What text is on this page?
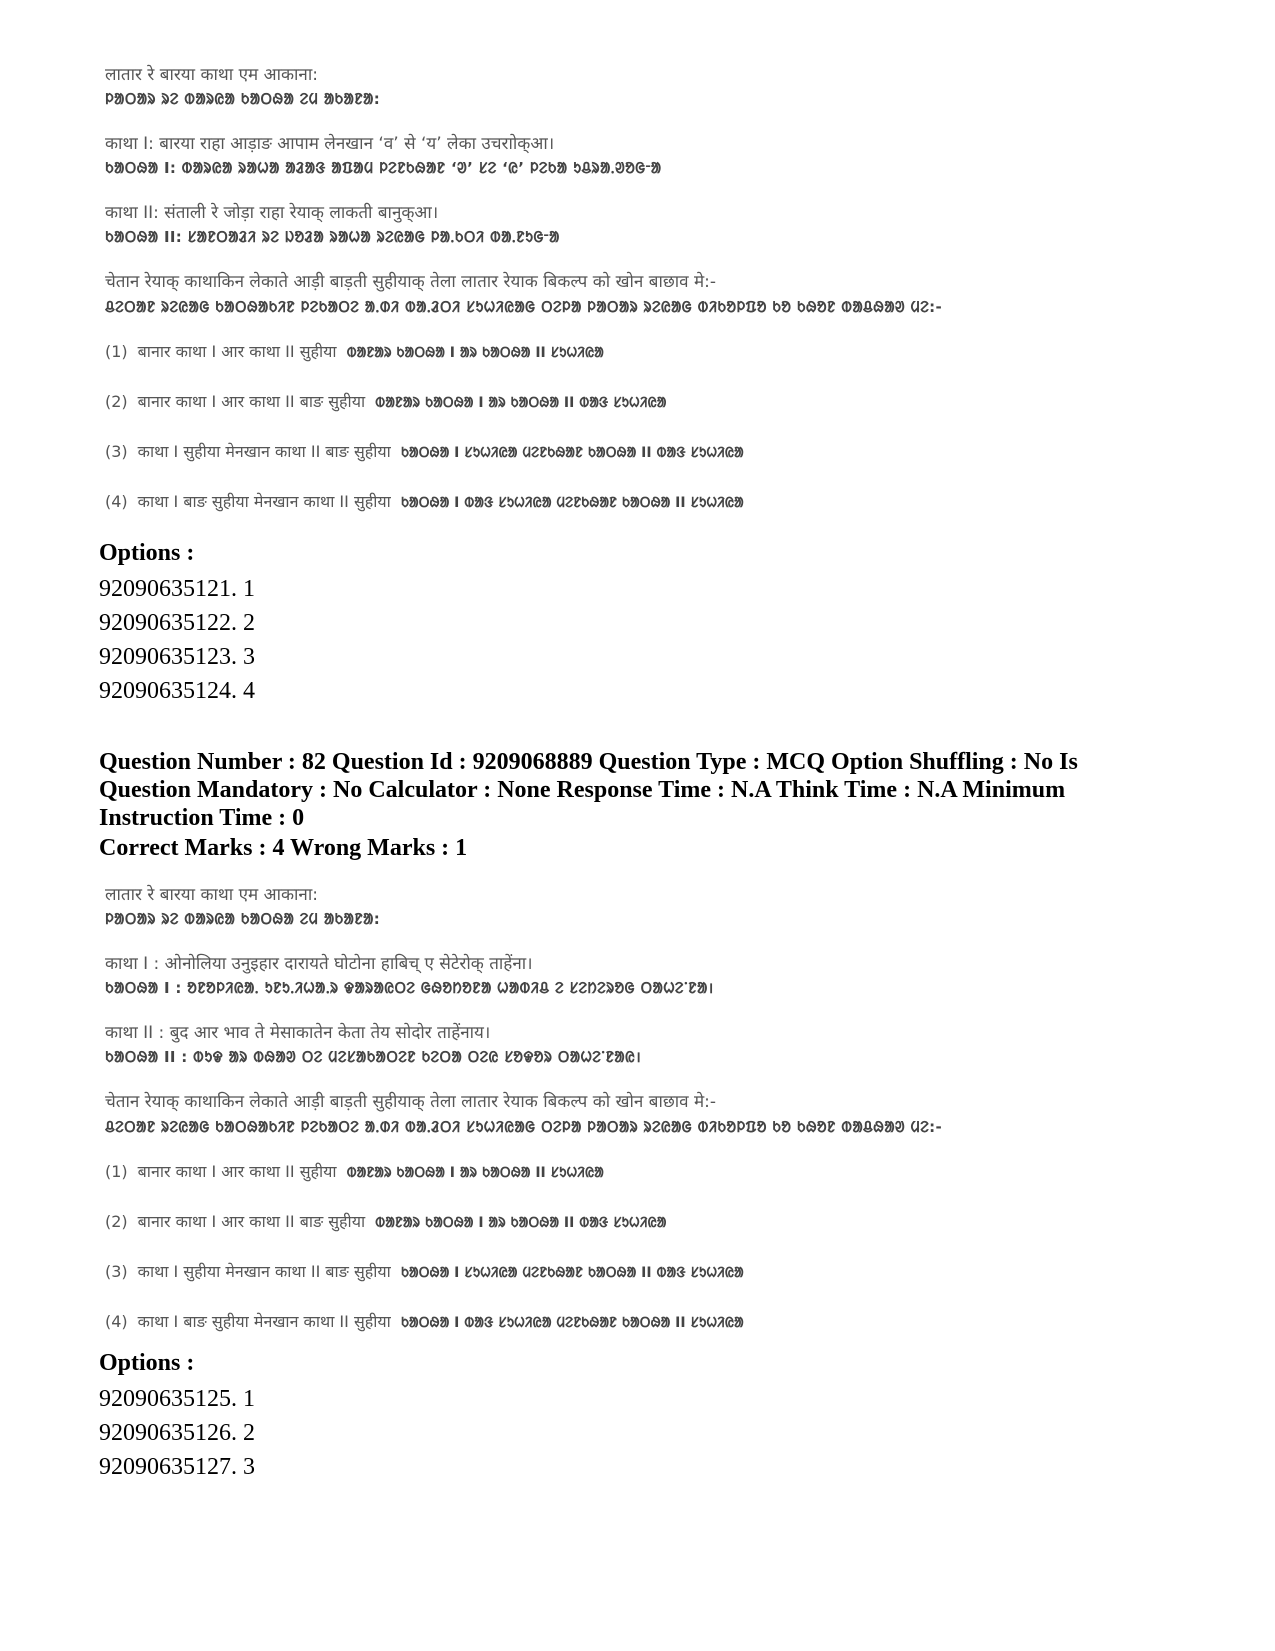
लातार रे बारया काथा एम आकाना:
ᱞᱟᱛᱟᱨ ᱨᱮ ᱵᱟᱨᱭᱟ ᱠᱟᱛᱷᱟ ᱮᱢ ᱟᱠᱟᱱᱟ:
काथा I: बारया राहा आड़ाङ आपाम लेनखान ‘व’ से ‘य’ लेका उचराोक्आ।
ᱠᱟᱛᱷᱟ I: ᱵᱟᱨᱭᱟ ᱨᱟᱦᱟ ᱟᱲᱟᱝ ᱟᱯᱟᱢ ᱞᱮᱱᱠᱷᱟᱱ ‘ᱣ’ ᱥᱮ ‘ᱭ’ ᱞᱮᱠᱟ ᱩᱪᱨᱟᱹᱣᱚᱜᱼᱟ
काथा II: संताली रे जोड़ा राहा रेयाक् लाकती बानुक्आ।
ᱠᱟᱛᱷᱟ II: ᱥᱟᱱᱛᱟᱲᱤ ᱨᱮ ᱡᱚᱲᱟ ᱨᱟᱦᱟ ᱨᱮᱭᱟᱜ ᱞᱟᱹᱠᱛᱤ ᱵᱟᱹᱱᱩᱜᱼᱟ
चेतान रेयाक् काथाकिन लेकाते आड़ी बाड़ती सुहीयाक् तेला लातार रेयाक बिकल्प को खोन बाछाव मे:-
ᱪᱮᱛᱟᱱ ᱨᱮᱭᱟᱜ ᱠᱟᱛᱷᱟᱠᱤᱱ ᱞᱮᱠᱟᱛᱮ ᱟᱹᱰᱤ ᱵᱟᱹᱲᱛᱤ ᱥᱩᱦᱤᱭᱟᱜ ᱛᱮᱞᱟ ᱞᱟᱛᱟᱨ ᱨᱮᱭᱟᱜ ᱵᱤᱠᱚᱞᱯᱚ ᱠᱚ ᱠᱷᱚᱱ ᱵᱟᱪᱷᱟᱣ ᱢᱮ:-
(1) बानार काथा I आर काथा II सुहीया ᱵᱟᱱᱟᱨ ᱠᱟᱛᱷᱟ I ᱟᱨ ᱠᱟᱛᱷᱟ II ᱥᱩᱦᱤᱭᱟ
(2) बानार काथा I आर काथा II बाङ सुहीया ᱵᱟᱱᱟᱨ ᱠᱟᱛᱷᱟ I ᱟᱨ ᱠᱟᱛᱷᱟ II ᱵᱟᱝ ᱥᱩᱦᱤᱭᱟ
(3) काथा I सुहीया मेनखान काथा II बाङ सुहीया ᱠᱟᱛᱷᱟ I ᱥᱩᱦᱤᱭᱟ ᱢᱮᱱᱠᱷᱟᱱ ᱠᱟᱛᱷᱟ II ᱵᱟᱝ ᱥᱩᱦᱤᱭᱟ
(4) काथा I बाङ सुहीया मेनखान काथा II सुहीया ᱠᱟᱛᱷᱟ I ᱵᱟᱝ ᱥᱩᱦᱤᱭᱟ ᱢᱮᱱᱠᱷᱟᱱ ᱠᱟᱛᱷᱟ II ᱥᱩᱦᱤᱭᱟ
Options :
92090635121. 1
92090635122. 2
92090635123. 3
92090635124. 4
Question Number : 82 Question Id : 9209068889 Question Type : MCQ Option Shuffling : No Is
Question Mandatory : No Calculator : None Response Time : N.A Think Time : N.A Minimum
Instruction Time : 0
Correct Marks : 4 Wrong Marks : 1
लातार रे बारया काथा एम आकाना:
ᱞᱟᱛᱟᱨ ᱨᱮ ᱵᱟᱨᱭᱟ ᱠᱟᱛᱷᱟ ᱮᱢ ᱟᱠᱟᱱᱟ:
काथा I : ओनोलिया उनुइहार दारायते घोटोना हाबिच् ए सेटेरोक् ताहेंना।
ᱠᱟᱛᱷᱟ I : ᱚᱱᱚᱞᱤᱭᱟᱹ ᱩᱱᱩᱹᱤᱦᱟᱹᱨ ᱫᱟᱨᱟᱭᱛᱮ ᱜᱷᱚᱴᱚᱱᱟ ᱦᱟᱵᱤᱪ ᱮ ᱥᱮᱴᱮᱨᱚᱜ ᱛᱟᱦᱮᱸᱱᱟ।
काथा II : बुद आर भाव ते मेसाकातेन केता तेय सोदोर ताहेंनाय।
ᱠᱟᱛᱷᱟ II : ᱵᱩᱫ ᱟᱨ ᱵᱷᱟᱣ ᱛᱮ ᱢᱮᱥᱟᱠᱟᱛᱮᱱ ᱠᱮᱛᱟ ᱛᱮᱭ ᱥᱚᱫᱚᱨ ᱛᱟᱦᱮᱸᱱᱟᱭ।
चेतान रेयाक् काथाकिन लेकाते आड़ी बाड़ती सुहीयाक् तेला लातार रेयाक बिकल्प को खोन बाछाव मे:-
ᱪᱮᱛᱟᱱ ᱨᱮᱭᱟᱜ ᱠᱟᱛᱷᱟᱠᱤᱱ ᱞᱮᱠᱟᱛᱮ ᱟᱹᱰᱤ ᱵᱟᱹᱲᱛᱤ ᱥᱩᱦᱤᱭᱟᱜ ᱛᱮᱞᱟ ᱞᱟᱛᱟᱨ ᱨᱮᱭᱟᱜ ᱵᱤᱠᱚᱞᱯᱚ ᱠᱚ ᱠᱷᱚᱱ ᱵᱟᱪᱷᱟᱣ ᱢᱮ:-
(1) बानार काथा I आर काथा II सुहीया ᱵᱟᱱᱟᱨ ᱠᱟᱛᱷᱟ I ᱟᱨ ᱠᱟᱛᱷᱟ II ᱥᱩᱦᱤᱭᱟ
(2) बानार काथा I आर काथा II बाङ सुहीया ᱵᱟᱱᱟᱨ ᱠᱟᱛᱷᱟ I ᱟᱨ ᱠᱟᱛᱷᱟ II ᱵᱟᱝ ᱥᱩᱦᱤᱭᱟ
(3) काथा I सुहीया मेनखान काथा II बाङ सुहीया ᱠᱟᱛᱷᱟ I ᱥᱩᱦᱤᱭᱟ ᱢᱮᱱᱠᱷᱟᱱ ᱠᱟᱛᱷᱟ II ᱵᱟᱝ ᱥᱩᱦᱤᱭᱟ
(4) काथा I बाङ सुहीया मेनखान काथा II सुहीया ᱠᱟᱛᱷᱟ I ᱵᱟᱝ ᱥᱩᱦᱤᱭᱟ ᱢᱮᱱᱠᱷᱟᱱ ᱠᱟᱛᱷᱟ II ᱥᱩᱦᱤᱭᱟ
Options :
92090635125. 1
92090635126. 2
92090635127. 3
